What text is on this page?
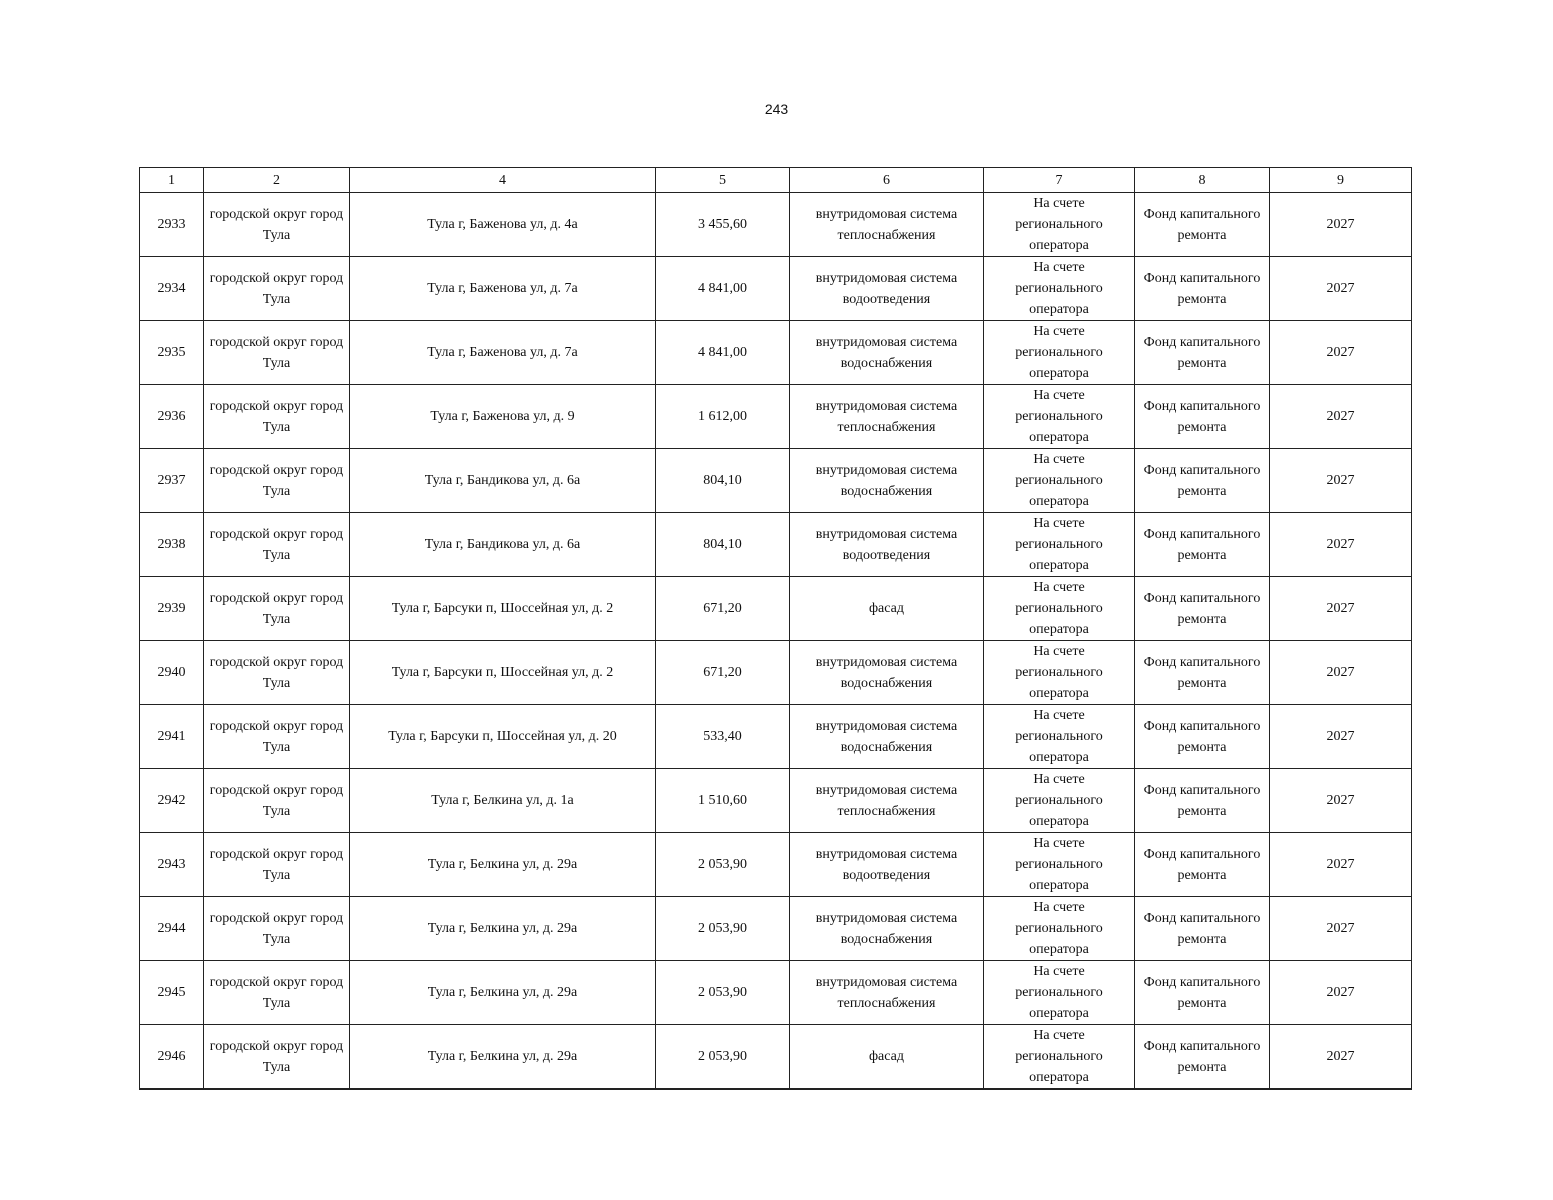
243
1	2	4	5	6	7	8	9
2933	городской округ город Тула	Тула г, Баженова ул, д. 4а	3 455,60	внутридомовая система теплоснабжения	На счете регионального оператора	Фонд капитального ремонта	2027
2934	городской округ город Тула	Тула г, Баженова ул, д. 7а	4 841,00	внутридомовая система водоотведения	На счете регионального оператора	Фонд капитального ремонта	2027
2935	городской округ город Тула	Тула г, Баженова ул, д. 7а	4 841,00	внутридомовая система водоснабжения	На счете регионального оператора	Фонд капитального ремонта	2027
2936	городской округ город Тула	Тула г, Баженова ул, д. 9	1 612,00	внутридомовая система теплоснабжения	На счете регионального оператора	Фонд капитального ремонта	2027
2937	городской округ город Тула	Тула г, Бандикова ул, д. 6а	804,10	внутридомовая система водоснабжения	На счете регионального оператора	Фонд капитального ремонта	2027
2938	городской округ город Тула	Тула г, Бандикова ул, д. 6а	804,10	внутридомовая система водоотведения	На счете регионального оператора	Фонд капитального ремонта	2027
2939	городской округ город Тула	Тула г, Барсуки п, Шоссейная ул, д. 2	671,20	фасад	На счете регионального оператора	Фонд капитального ремонта	2027
2940	городской округ город Тула	Тула г, Барсуки п, Шоссейная ул, д. 2	671,20	внутридомовая система водоснабжения	На счете регионального оператора	Фонд капитального ремонта	2027
2941	городской округ город Тула	Тула г, Барсуки п, Шоссейная ул, д. 20	533,40	внутридомовая система водоснабжения	На счете регионального оператора	Фонд капитального ремонта	2027
2942	городской округ город Тула	Тула г, Белкина ул, д. 1а	1 510,60	внутридомовая система теплоснабжения	На счете регионального оператора	Фонд капитального ремонта	2027
2943	городской округ город Тула	Тула г, Белкина ул, д. 29а	2 053,90	внутридомовая система водоотведения	На счете регионального оператора	Фонд капитального ремонта	2027
2944	городской округ город Тула	Тула г, Белкина ул, д. 29а	2 053,90	внутридомовая система водоснабжения	На счете регионального оператора	Фонд капитального ремонта	2027
2945	городской округ город Тула	Тула г, Белкина ул, д. 29а	2 053,90	внутридомовая система теплоснабжения	На счете регионального оператора	Фонд капитального ремонта	2027
2946	городской округ город Тула	Тула г, Белкина ул, д. 29а	2 053,90	фасад	На счете регионального оператора	Фонд капитального ремонта	2027
